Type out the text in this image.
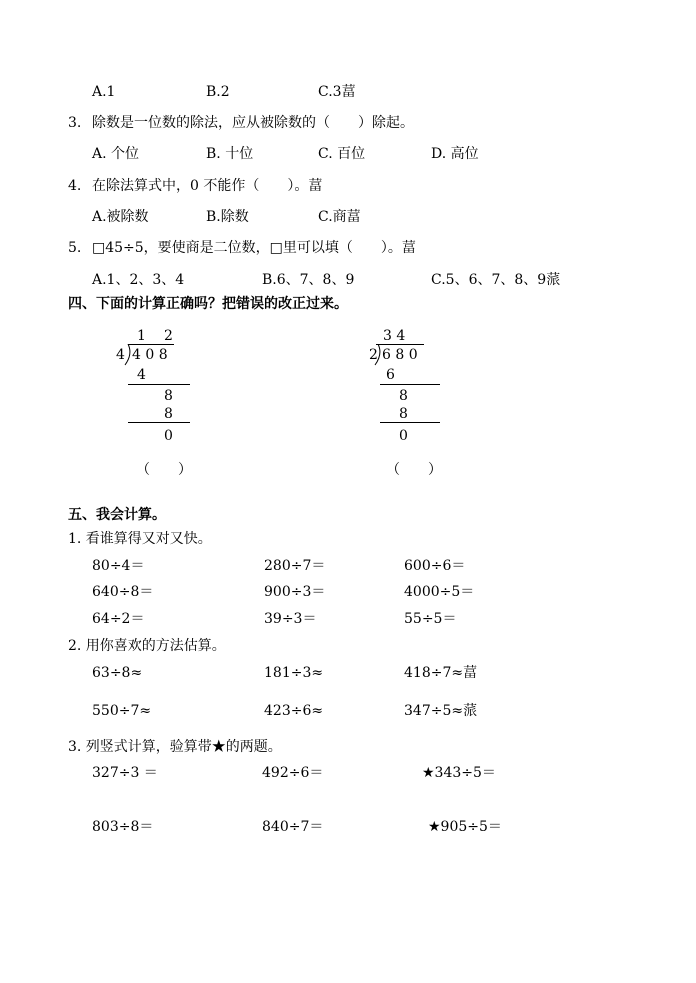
A.1	B.2	C.3葍
3. 除数是一位数的除法，应从被除数的（　　）除起。
A. 个位	B. 十位	C. 百位	D. 高位
4. 在除法算式中，0 不能作（　　）。葍
A.被除数	B.除数	C.商葍
5. □45÷5，要使商是二位数，□里可以填（　　）。葍
A.1、2、3、4	B.6、7、8、9	C.5、6、7、8、9蒎
四、下面的计算正确吗？把错误的改正过来。
1 2
4 4 0 8
4
8
8
0
（　　）
3 4
2 6 8 0
6
8
8
0
（　　）
五、我会计算。
1. 看谁算得又对又快。
80÷4＝	280÷7＝	600÷6＝
640÷8＝	900÷3＝	4000÷5＝
64÷2＝	39÷3＝	55÷5＝
2. 用你喜欢的方法估算。
63÷8≈	181÷3≈	418÷7≈葍
550÷7≈	423÷6≈	347÷5≈蒎
3. 列竖式计算，验算带★的两题。
327÷3 ＝	492÷6＝	★343÷5＝
803÷8＝	840÷7＝	★905÷5＝
